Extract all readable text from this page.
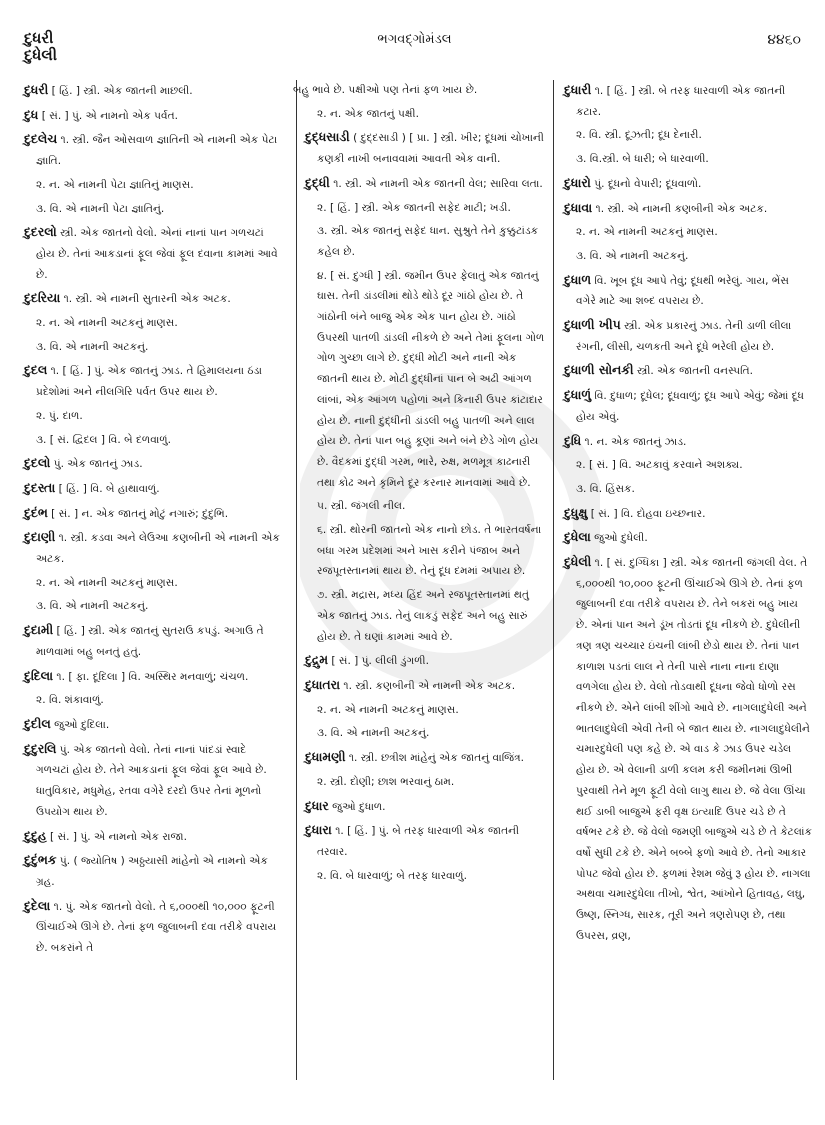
દુધરી
દુધેલી
ભગવદ્ગોમંડલ	૪૪૬૦

દુધરી [ હિં. ] સ્ત્રી. એક જાતની માછલી.

દુધ [ સં. ] પું. એ નામનો એક પર્વત.

દુદલેચ ૧. સ્ત્રી. જૈન ઓસવાળ જ્ઞાતિની એ નામની એક પેટા જ્ઞાતિ.

૨. ન. એ નામની પેટા જ્ઞાતિનું માણસ.

૩. વિ. એ નામની પેટા જ્ઞાતિનું.

દુદરલો સ્ત્રી. એક જાતનો વેલો. એનાં નાનાં પાન ગળચટાં હોય છે. તેનાં આકડાનાં ફૂલ જેવાં ફૂલ દવાના કામમાં આવે છે.

દુદરિયા ૧. સ્ત્રી. એ નામની સુતારની એક અટક.

૨. ન. એ નામની અટકનું માણસ.

૩. વિ. એ નામની અટકનું.

દુદલ ૧. [ હિં. ] પું. એક જાતનું ઝાડ. તે હિમાલયના ઠંડા પ્રદેશોમાં અને નીલગિરિ પર્વત ઉપર થાય છે.

૨. પું. દાળ.

૩. [ સં. દ્વિદલ ] વિ. બે દળવાળું.

દુદલો પું. એક જાતનું ઝાડ.

દુદસ્તા [ હિં. ] વિ. બે હાથાવાળું.

દુદંભ [ સં. ] ન. એક જાતનું મોટું નગારું; દુંદુભિ.

દુદાણી ૧. સ્ત્રી. કડવા અને લેઉઆ કણબીની એ નામની એક અટક.

૨. ન. એ નામની અટકનું માણસ.

૩. વિ. એ નામની અટકનું.

દુદામી [ હિં. ] સ્ત્રી. એક જાતનું સુતરાઉ કપડું. અગાઉ તે માળવામાં બહુ બનતું હતું.

દુદિલા ૧. [ ફા. દૂદિલા ] વિ. અસ્થિર મનવાળું; ચંચળ.

૨. વિ. શંકાવાળું.

દુદીલ જુઓ દુદિલા.

દુદુરલિ પું. એક જાતનો વેલો. તેનાં નાનાં પાંદડાં સ્વાદે ગળચટાં હોય છે. તેને આકડાનાં ફૂલ જેવાં ફૂલ આવે છે. ધાતુવિકાર, મધુમેહ, રતવા વગેરે દરદો ઉપર તેનાં મૂળનો ઉપયોગ થાય છે.

દુદુહ [ સં. ] પું. એ નામનો એક રાજા.

દુદુંભક પું. ( જ્યોતિષ ) અઠ્ઠયાસી માંહેનો એ નામનો એક ગ્રહ.

દુદેલા ૧. પું. એક જાતનો વેલો. તે ૬,૦૦૦થી ૧૦,૦૦૦ ફૂટની ઊંચાઈએ ઊગે છે. તેનાં ફળ જુલાબની દવા તરીકે વપરાય છે. બકરાંને તે

બહુ ભાવે છે. પક્ષીઓ પણ તેનાં ફળ ખાય છે.

૨. ન. એક જાતનું પક્ષી.

દુદ્ધસાડી ( દુદ્દસાડી ) [ પ્રા. ] સ્ત્રી. ખીર; દૂધમાં ચોખાની કણકી નાખી બનાવવામાં આવતી એક વાની.

દુદ્ધી ૧. સ્ત્રી. એ નામની એક જાતની વેલ; સારિવા લતા.

૨. [ હિં. ] સ્ત્રી. એક જાતની સફેદ માટી; ખડી.

૩. સ્ત્રી. એક જાતનું સફેદ ધાન. સુશ્રુતે તેને કુક્કુટાંડક કહેલ છે.

૪. [ સં. દુગ્ધી ] સ્ત્રી. જમીન ઉપર ફેલાતું એક જાતનું ઘાસ. તેની ડાંડલીમાં થોડે થોડે દૂર ગાંઠો હોય છે. તે ગાંઠોની બંને બાજુ એક એક પાન હોય છે. ગાંઠો ઉપરથી પાતળી ડાંડલી નીકળે છે અને તેમાં ફૂલના ગોળ ગોળ ગુચ્છા લાગે છે. દુદ્ધી મોટી અને નાની એક જાતની થાય છે. મોટી દુદ્ધીનાં પાન બે અઢી આંગળ લાંબાં, એક આંગળ પહોળાં અને કિનારી ઉપર કાંટાદાર હોય છે. નાની દુદ્ધીની ડાંડલી બહુ પાતળી અને લાલ હોય છે. તેનાં પાન બહુ કૂણાં અને બંને છેડે ગોળ હોય છે. વૈદકમાં દુદ્ધી ગરમ, ભારે, રુક્ષ, મળમૂત્ર કાઢનારી તથા કોઢ અને કૃમિને દૂર કરનાર માનવામાં આવે છે.

૫. સ્ત્રી. જંગલી નીલ.

૬. સ્ત્રી. થોરની જાતનો એક નાનો છોડ. તે ભારતવર્ષના બધા ગરમ પ્રદેશમાં અને ખાસ કરીને પંજાબ અને રજપૂતસ્તાનમાં થાય છે. તેનું દૂધ દમમાં અપાય છે.

૭. સ્ત્રી. મદ્રાસ, મધ્ય હિંદ અને રજપૂતસ્તાનમાં થતું એક જાતનું ઝાડ. તેનું લાકડું સફેદ અને બહુ સારું હોય છે. તે ઘણાં કામમાં આવે છે.

દુદ્રુમ [ સં. ] પું. લીલી ડુંગળી.

દુધાતરા ૧. સ્ત્રી. કણબીની એ નામની એક અટક.

૨. ન. એ નામની અટકનું માણસ.

૩. વિ. એ નામની અટકનું.

દુધામણી ૧. સ્ત્રી. છત્રીશ માંહેનું એક જાતનું વાજિંત્ર.

૨. સ્ત્રી. દોણી; છાશ ભરવાનું ઠામ.

દુધાર જુઓ દુધાળ.

દુધારા ૧. [ હિં. ] પું. બે તરફ ધારવાળી એક જાતની તરવાર.

૨. વિ. બે ધારવાળું; બે તરફ ધારવાળું.

દુધારી ૧. [ હિં. ] સ્ત્રી. બે તરફ ધારવાળી એક જાતની કટાર.

૨. વિ. સ્ત્રી. દૂઝતી; દૂધ દેનારી.

૩. વિ.સ્ત્રી. બે ધારી; બે ધારવાળી.

દુધારો પું. દૂધનો વેપારી; દૂધવાળો.

દુધાવા ૧. સ્ત્રી. એ નામની કણબીની એક અટક.

૨. ન. એ નામની અટકનું માણસ.

૩. વિ. એ નામની અટકનું.

દુધાળ વિ. ખૂબ દૂધ આપે તેવું; દૂધથી ભરેલું. ગાય, ભેંસ વગેરે માટે આ શબ્દ વપરાય છે.

દુધાળી ખીપ સ્ત્રી. એક પ્રકારનું ઝાડ. તેની ડાળી લીલા રંગની, લીસી, ચળકતી અને દૂધે ભરેલી હોય છે.

દુધાળી સોનકી સ્ત્રી. એક જાતની વનસ્પતિ.

દુધાળું વિ. દુધાળ; દૂધેલ; દૂધવાળું; દૂધ આપે એવું; જેમાં દૂધ હોય એવું.

દુધિ ૧. ન. એક જાતનું ઝાડ.

૨. [ સં. ] વિ. અટકાવું કરવાને અશક્ય.

૩. વિ. હિંસક.

દુધુક્ષુ [ સં. ] વિ. દોહવા ઇચ્છનાર.

દુધેલા જુઓ દુધેલી.

દુધેલી ૧. [ સં. દુગ્ધિકા ] સ્ત્રી. એક જાતની જંગલી વેલ. તે ૬,૦૦૦થી ૧૦,૦૦૦ ફૂટની ઊંચાઈએ ઊગે છે. તેનાં ફળ જુલાબની દવા તરીકે વપરાય છે. તેને બકરાં બહુ ખાય છે. એનાં પાન અને ડૂંખ તોડતાં દૂધ નીકળે છે. દુધેલીની ત્રણ ત્રણ ચચ્ચાર ઇંચની લાંબી છેડો થાય છે. તેનાં પાન કાળાશ પડતાં લાલ ને તેની પાસે નાના નાના દાણા વળગેલા હોય છે. વેલો તોડવાથી દૂધના જેવો ધોળો રસ નીકળે છે. એને લાંબી શીંગો આવે છે. નાગલાદુધેલી અને ભાતલાદુધેલી એવી તેની બે જાત થાય છે. નાગલાદુધેલીને ચમારદુધેલી પણ કહે છે. એ વાડ કે ઝાડ ઉપર ચડેલ હોય છે. એ વેલાની ડાળી કલમ કરી જમીનમાં ઊભી પુરવાથી તેને મૂળ ફૂટી વેલો લાગુ થાય છે. જે વેલા ઊંચા થઈ ડાબી બાજુએ ફરી વૃક્ષ ઇત્યાદિ ઉપર ચડે છે તે વર્ષભર ટકે છે. જે વેલો જમણી બાજુએ ચડે છે તે કેટલાંક વર્ષો સુધી ટકે છે. એને બબ્બે ફળો આવે છે. તેનો આકાર પોપટ જેવો હોય છે. ફળમાં રેશમ જેવું રૂ હોય છે. નાગલા અથવા ચમારદુધેલા તીખો, શ્વેત, આંખોને હિતાવહ, લઘુ, ઉષ્ણ, સ્નિગ્ધ, સારક, તૂરી અને ત્રણરોપણ છે, તથા ઉપરસ, વ્રણ,
